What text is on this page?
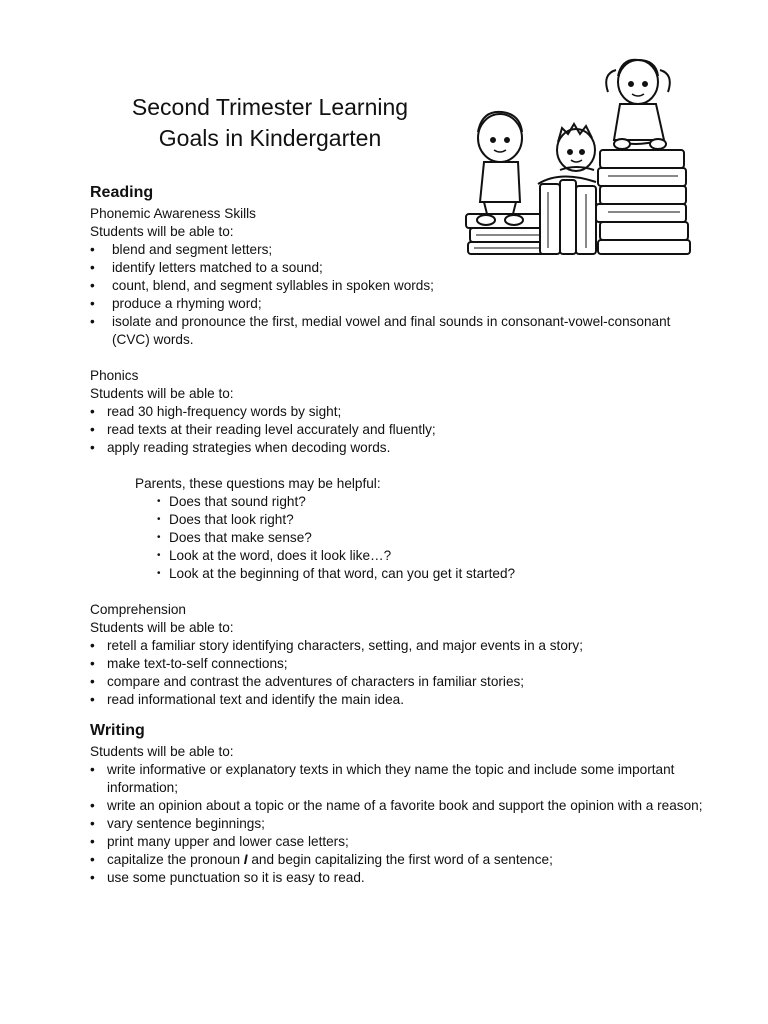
Second Trimester Learning
Goals in Kindergarten

Reading

Phonemic Awareness Skills

Students will be able to:

• blend and segment letters;
• identify letters matched to a sound;
• count, blend, and segment syllables in spoken words;
• produce a rhyming word;
• isolate and pronounce the first, medial vowel and final sounds in consonant-vowel-consonant (CVC) words.

Phonics

Students will be able to:

• read 30 high-frequency words by sight;
• read texts at their reading level accurately and fluently;
• apply reading strategies when decoding words.

Parents, these questions may be helpful:

• Does that sound right?
• Does that look right?
• Does that make sense?
• Look at the word, does it look like…?
• Look at the beginning of that word, can you get it started?

Comprehension

Students will be able to:

• retell a familiar story identifying characters, setting, and major events in a story;
• make text-to-self connections;
• compare and contrast the adventures of characters in familiar stories;
• read informational text and identify the main idea.

Writing

Students will be able to:

• write informative or explanatory texts in which they name the topic and include some important information;
• write an opinion about a topic or the name of a favorite book and support the opinion with a reason;
• vary sentence beginnings;
• print many upper and lower case letters;
• capitalize the pronoun I and begin capitalizing the first word of a sentence;
• use some punctuation so it is easy to read.
